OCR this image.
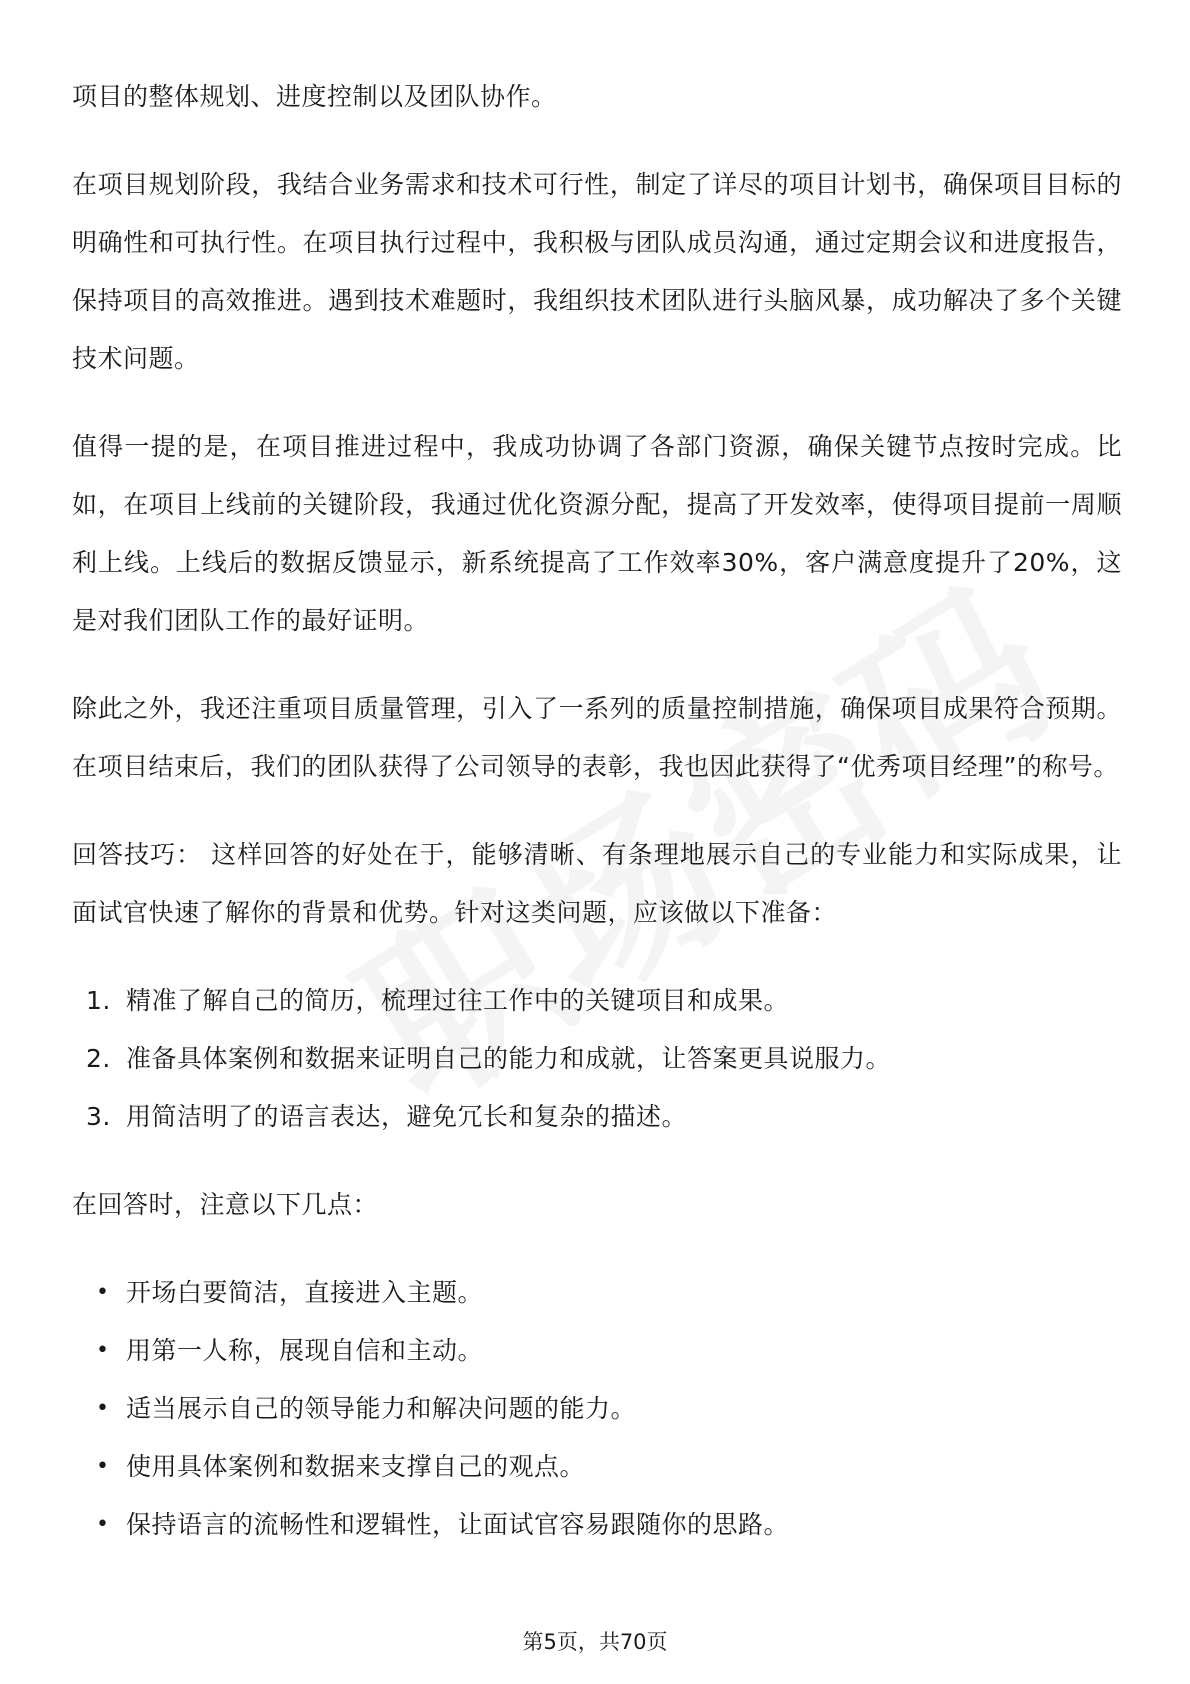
项目的整体规划、进度控制以及团队协作。

在项目规划阶段，我结合业务需求和技术可行性，制定了详尽的项目计划书，确保项目目标的明确性和可执行性。在项目执行过程中，我积极与团队成员沟通，通过定期会议和进度报告，保持项目的高效推进。遇到技术难题时，我组织技术团队进行头脑风暴，成功解决了多个关键技术问题。

值得一提的是，在项目推进过程中，我成功协调了各部门资源，确保关键节点按时完成。比如，在项目上线前的关键阶段，我通过优化资源分配，提高了开发效率，使得项目提前一周顺利上线。上线后的数据反馈显示，新系统提高了工作效率30%，客户满意度提升了20%，这是对我们团队工作的最好证明。

除此之外，我还注重项目质量管理，引入了一系列的质量控制措施，确保项目成果符合预期。在项目结束后，我们的团队获得了公司领导的表彰，我也因此获得了“优秀项目经理”的称号。

回答技巧： 这样回答的好处在于，能够清晰、有条理地展示自己的专业能力和实际成果，让面试官快速了解你的背景和优势。针对这类问题，应该做以下准备：

1. 精准了解自己的简历，梳理过往工作中的关键项目和成果。
2. 准备具体案例和数据来证明自己的能力和成就，让答案更具说服力。
3. 用简洁明了的语言表达，避免冗长和复杂的描述。

在回答时，注意以下几点：

• 开场白要简洁，直接进入主题。
• 用第一人称，展现自信和主动。
• 适当展示自己的领导能力和解决问题的能力。
• 使用具体案例和数据来支撑自己的观点。
• 保持语言的流畅性和逻辑性，让面试官容易跟随你的思路。
第5页，共70页
